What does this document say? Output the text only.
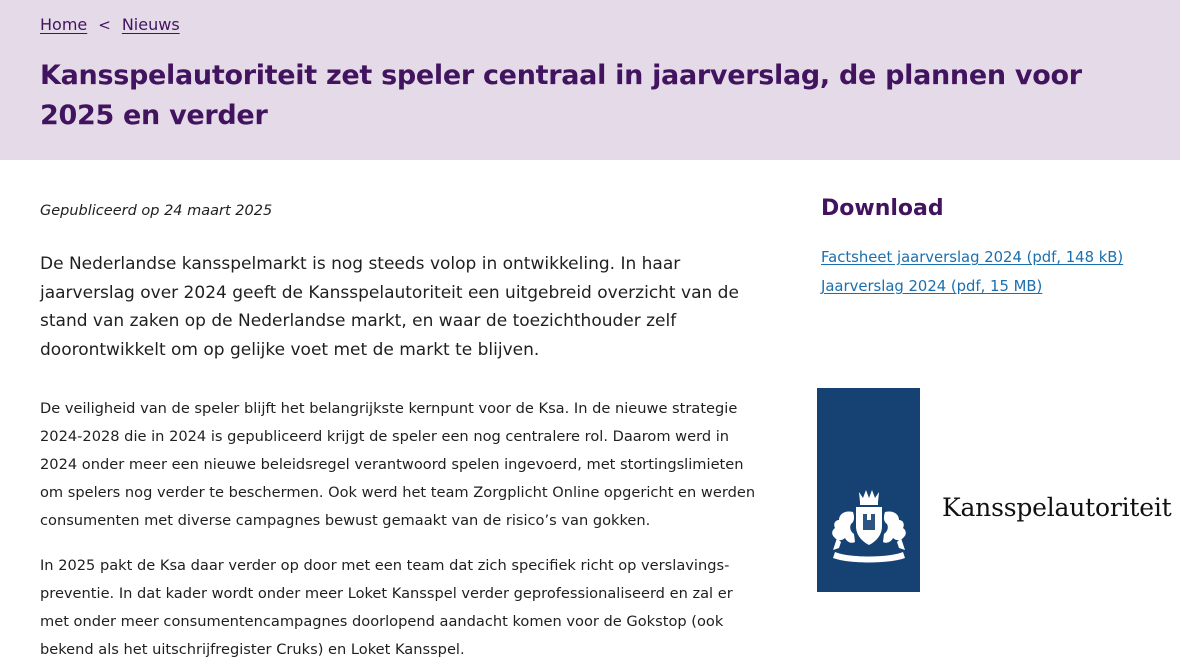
Home < Nieuws
Kansspelautoriteit zet speler centraal in jaarverslag, de plannen voor 2025 en verder

Gepubliceerd op 24 maart 2025

De Nederlandse kansspelmarkt is nog steeds volop in ontwikkeling. In haar jaarverslag over 2024 geeft de Kansspelautoriteit een uitgebreid overzicht van de stand van zaken op de Nederlandse markt, en waar de toezichthouder zelf doorontwikkelt om op gelijke voet met de markt te blijven.

De veiligheid van de speler blijft het belangrijkste kernpunt voor de Ksa. In de nieuwe strategie 2024-2028 die in 2024 is gepubliceerd krijgt de speler een nog centralere rol. Daarom werd in 2024 onder meer een nieuwe beleidsregel verantwoord spelen ingevoerd, met stortingslimieten om spelers nog verder te beschermen. Ook werd het team Zorgplicht Online opgericht en werden consumenten met diverse campagnes bewust gemaakt van de risico’s van gokken.

In 2025 pakt de Ksa daar verder op door met een team dat zich specifiek richt op verslavings-preventie. In dat kader wordt onder meer Loket Kansspel verder geprofessionaliseerd en zal er met onder meer consumentencampagnes doorlopend aandacht komen voor de Gokstop (ook bekend als het uitschrijfregister Cruks) en Loket Kansspel.

Download
Factsheet jaarverslag 2024 (pdf, 148 kB)
Jaarverslag 2024 (pdf, 15 MB)
Kansspelautoriteit
